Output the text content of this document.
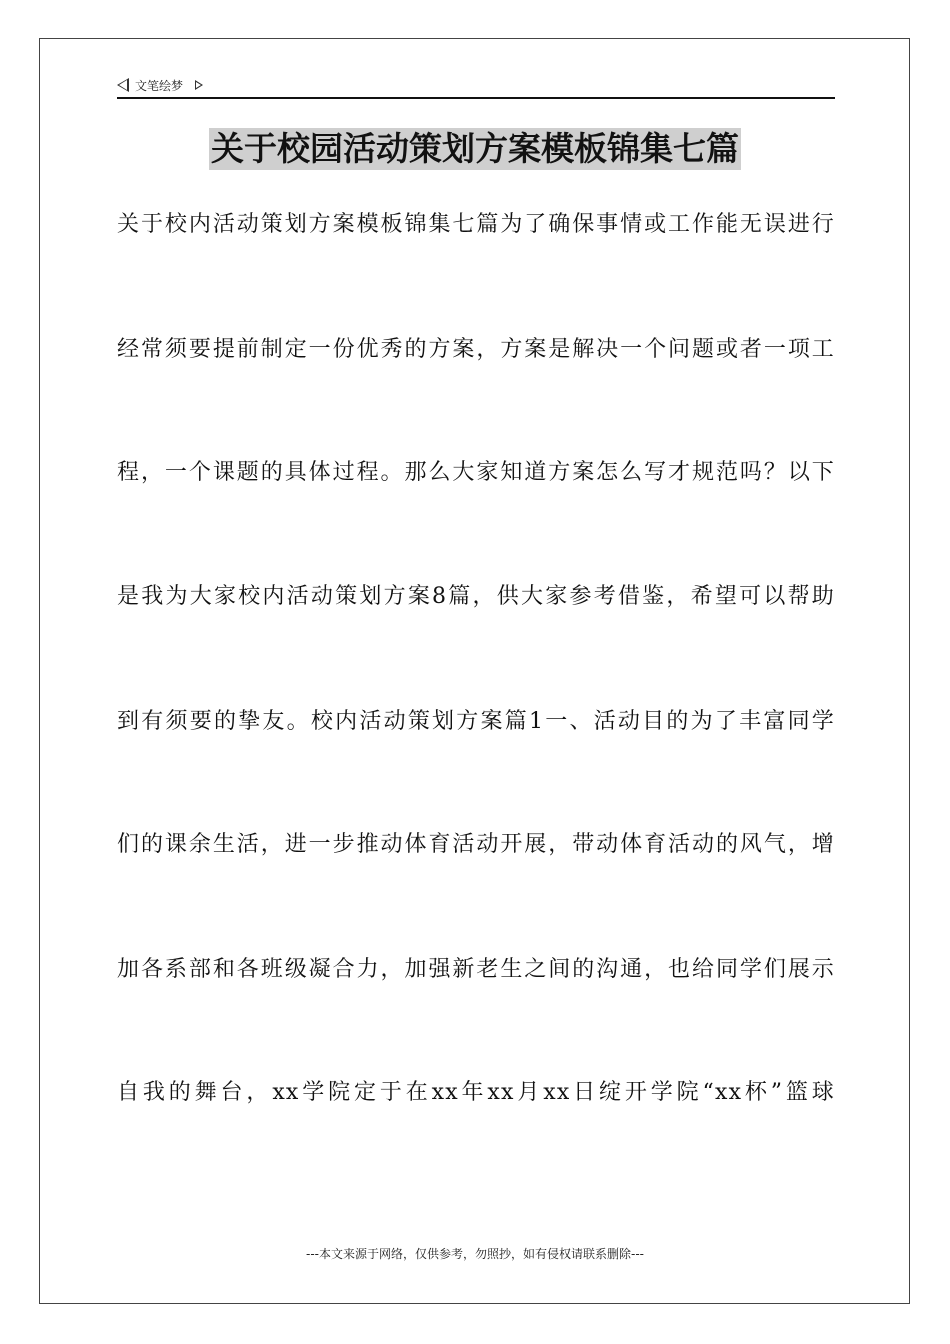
文笔绘梦
关于校园活动策划方案模板锦集七篇
关于校内活动策划方案模板锦集七篇为了确保事情或工作能无误进行
经常须要提前制定一份优秀的方案，方案是解决一个问题或者一项工
程，一个课题的具体过程。那么大家知道方案怎么写才规范吗？以下
是我为大家校内活动策划方案8篇，供大家参考借鉴，希望可以帮助
到有须要的挚友。校内活动策划方案篇1一、活动目的为了丰富同学
们的课余生活，进一步推动体育活动开展，带动体育活动的风气，增
加各系部和各班级凝合力，加强新老生之间的沟通，也给同学们展示
自我的舞台，xx学院定于在xx年xx月xx日绽开学院“xx杯”篮球
---本文来源于网络，仅供参考，勿照抄，如有侵权请联系删除---
